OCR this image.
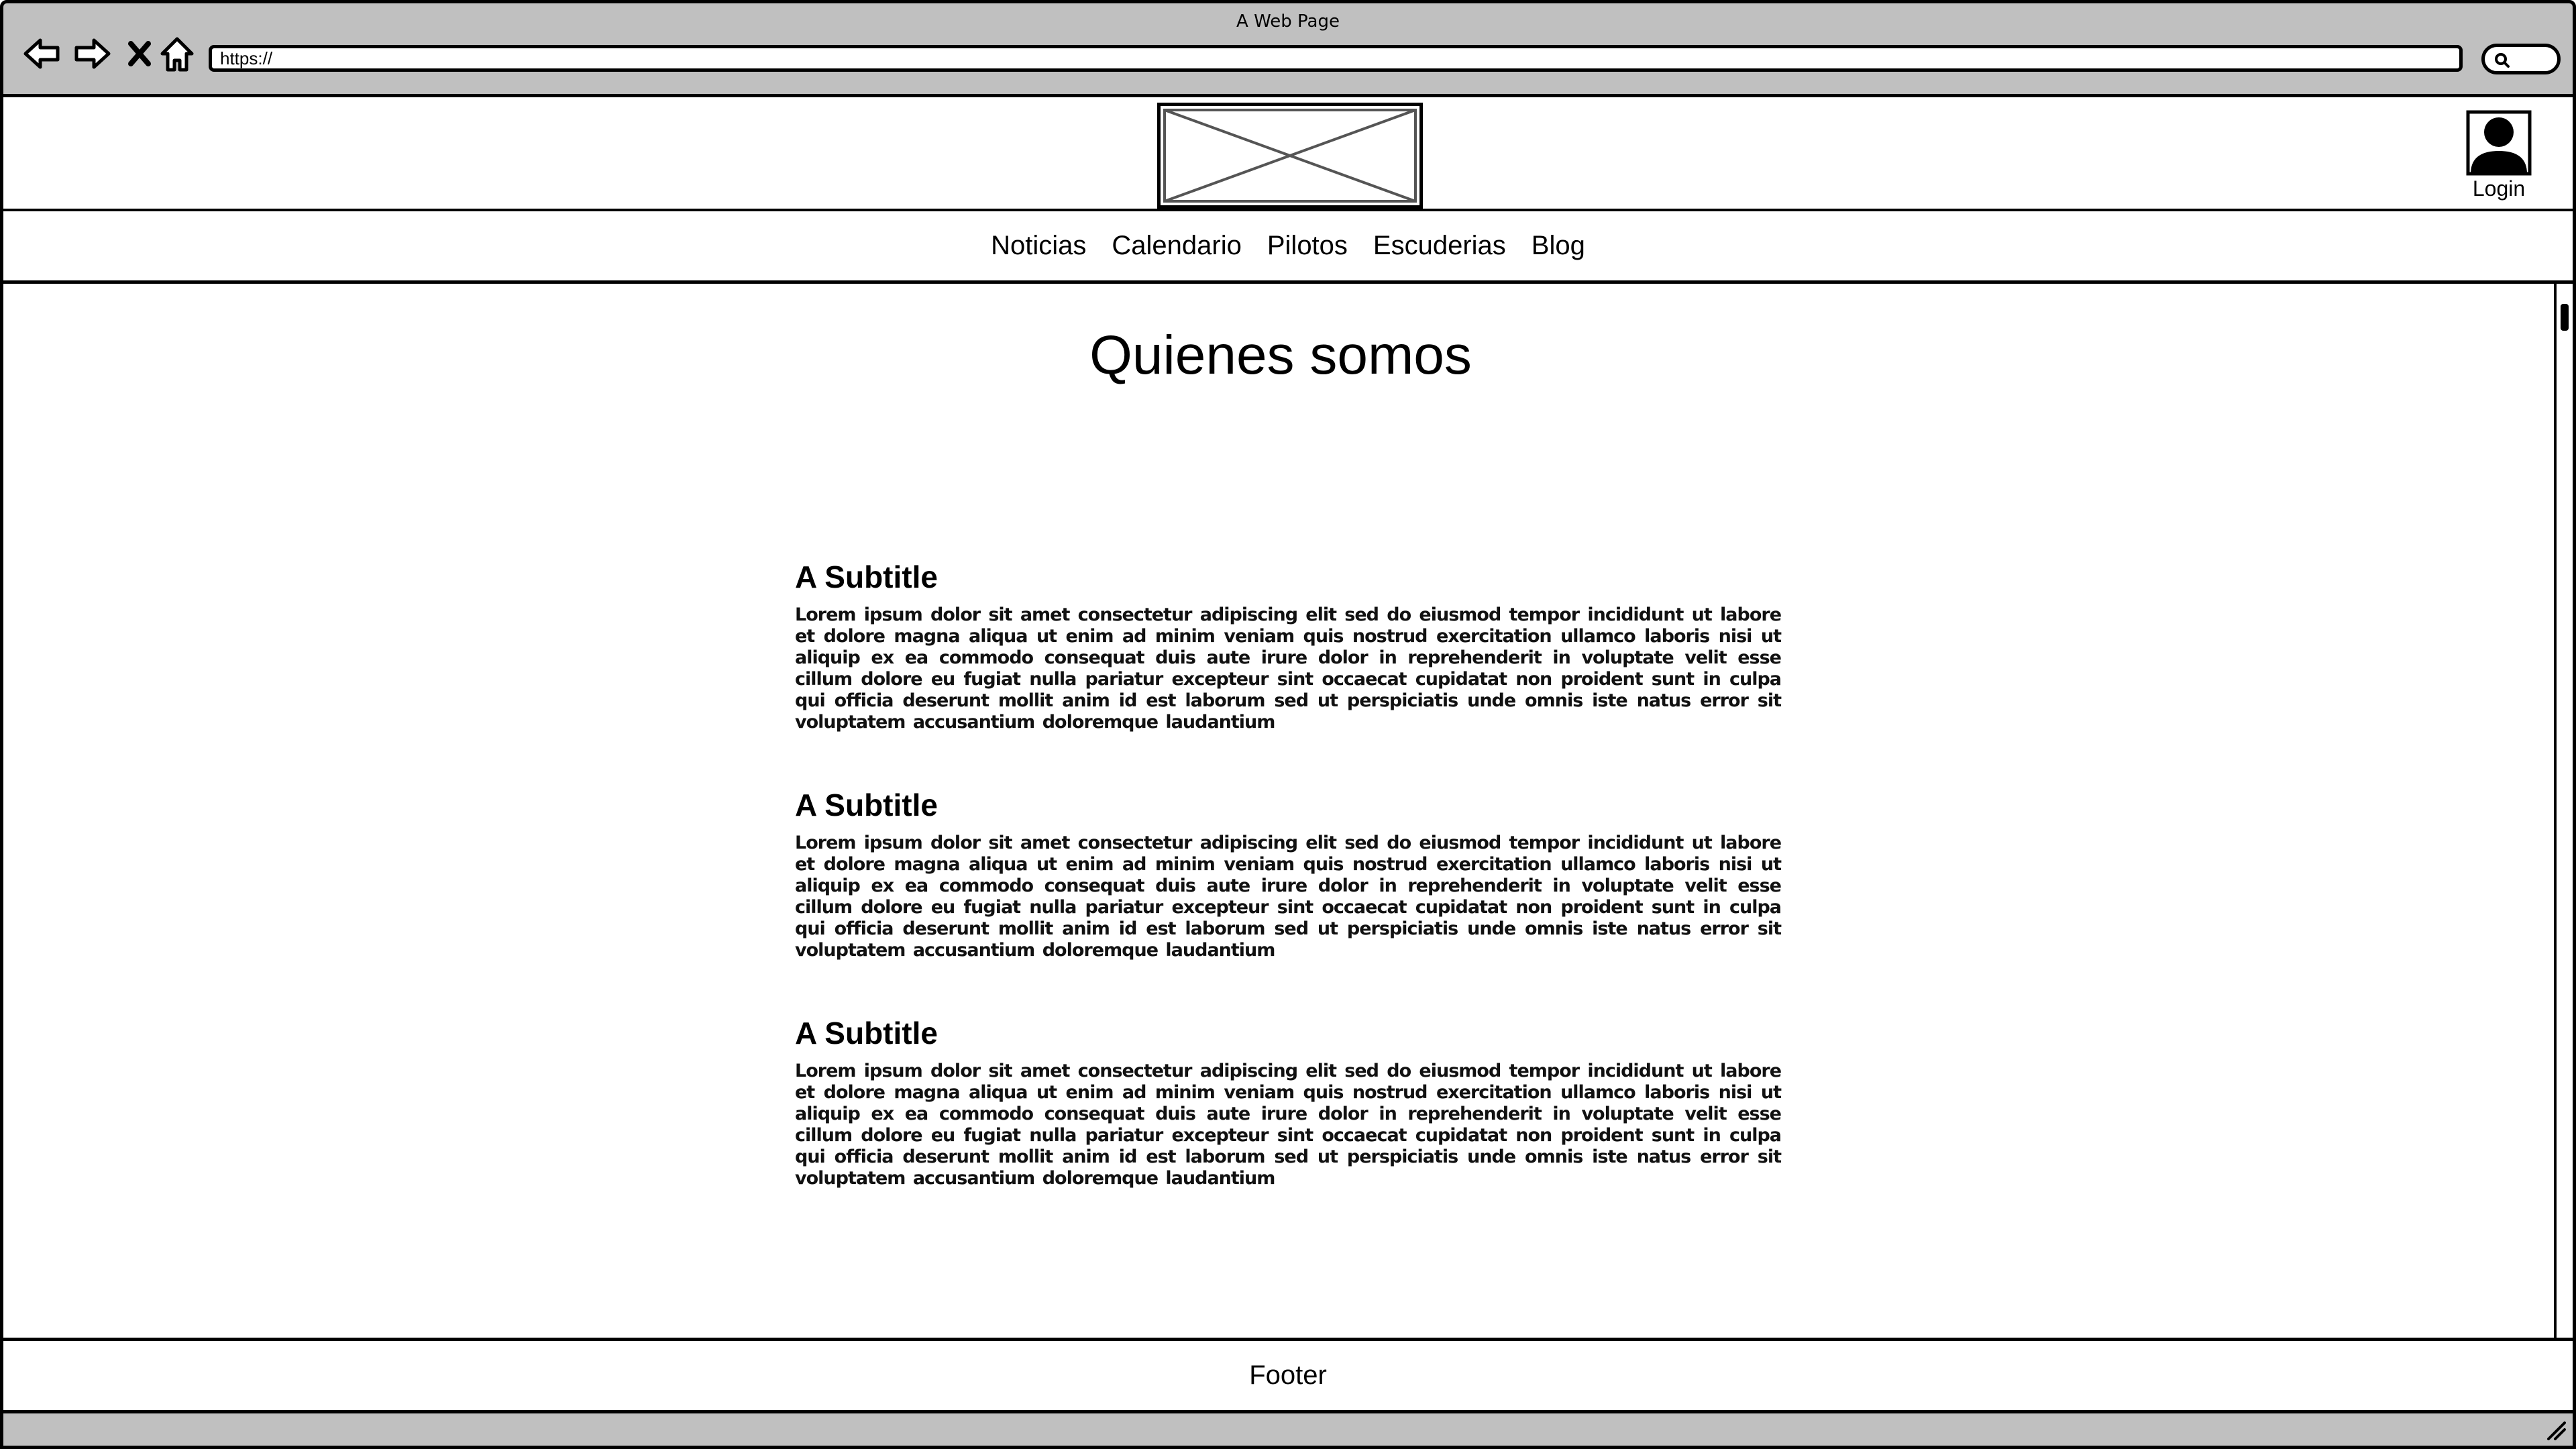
A Web Page
https://
Login
Noticias Calendario Pilotos Escuderias Blog
Quienes somos
A Subtitle

Lorem ipsum dolor sit amet consectetur adipiscing elit sed do eiusmod tempor incididunt ut labore et dolore magna aliqua ut enim ad minim veniam quis nostrud exercitation ullamco laboris nisi ut aliquip ex ea commodo consequat duis aute irure dolor in reprehenderit in voluptate velit esse cillum dolore eu fugiat nulla pariatur excepteur sint occaecat cupidatat non proident sunt in culpa qui officia deserunt mollit anim id est laborum sed ut perspiciatis unde omnis iste natus error sit voluptatem accusantium doloremque laudantium

A Subtitle

Lorem ipsum dolor sit amet consectetur adipiscing elit sed do eiusmod tempor incididunt ut labore et dolore magna aliqua ut enim ad minim veniam quis nostrud exercitation ullamco laboris nisi ut aliquip ex ea commodo consequat duis aute irure dolor in reprehenderit in voluptate velit esse cillum dolore eu fugiat nulla pariatur excepteur sint occaecat cupidatat non proident sunt in culpa qui officia deserunt mollit anim id est laborum sed ut perspiciatis unde omnis iste natus error sit voluptatem accusantium doloremque laudantium

A Subtitle

Lorem ipsum dolor sit amet consectetur adipiscing elit sed do eiusmod tempor incididunt ut labore et dolore magna aliqua ut enim ad minim veniam quis nostrud exercitation ullamco laboris nisi ut aliquip ex ea commodo consequat duis aute irure dolor in reprehenderit in voluptate velit esse cillum dolore eu fugiat nulla pariatur excepteur sint occaecat cupidatat non proident sunt in culpa qui officia deserunt mollit anim id est laborum sed ut perspiciatis unde omnis iste natus error sit voluptatem accusantium doloremque laudantium

Footer
